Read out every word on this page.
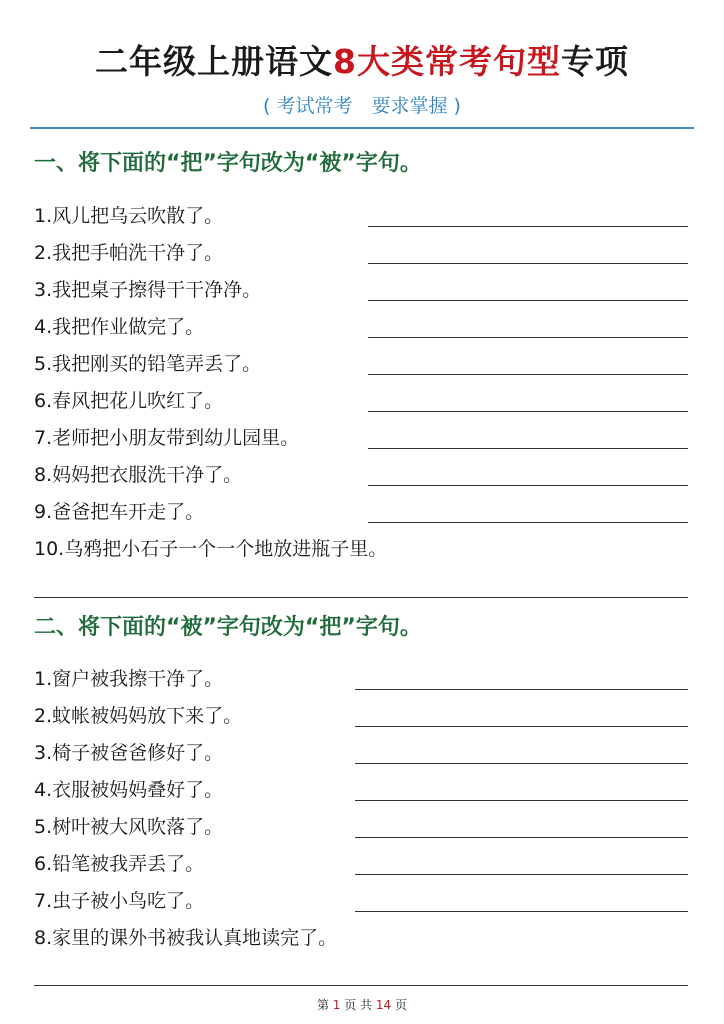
二年级上册语文8大类常考句型专项
( 考试常考　要求掌握 )
一、将下面的“把”字句改为“被”字句。
1.风儿把乌云吹散了。
2.我把手帕洗干净了。
3.我把桌子擦得干干净净。
4.我把作业做完了。
5.我把刚买的铅笔弄丢了。
6.春风把花儿吹红了。
7.老师把小朋友带到幼儿园里。
8.妈妈把衣服洗干净了。
9.爸爸把车开走了。
10.乌鸦把小石子一个一个地放进瓶子里。
二、将下面的“被”字句改为“把”字句。
1.窗户被我擦干净了。
2.蚊帐被妈妈放下来了。
3.椅子被爸爸修好了。
4.衣服被妈妈叠好了。
5.树叶被大风吹落了。
6.铅笔被我弄丢了。
7.虫子被小鸟吃了。
8.家里的课外书被我认真地读完了。
第 1 页 共 14 页
